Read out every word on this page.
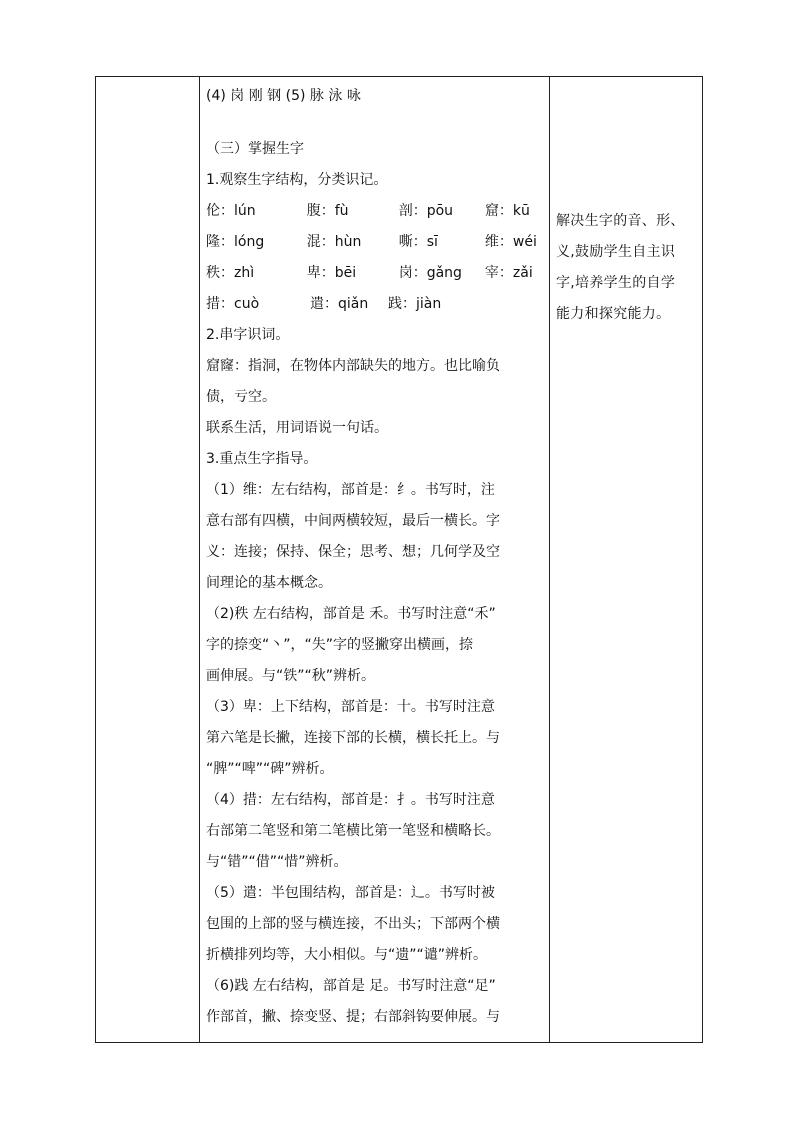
(4) 岗 刚 钢 (5) 脉 泳 咏

（三）掌握生字

1.观察生字结构，分类识记。

伦：lún	腹：fù	剖：pōu	窟：kū
隆：lóng	混：hùn	嘶：sī	维：wéi
秩：zhì	卑：bēi	岗：gǎng	宰：zǎi
措：cuò	遣：qiǎn	践：jiàn

2.串字识词。

窟窿：指洞，在物体内部缺失的地方。也比喻负

债，亏空。

联系生活，用词语说一句话。

3.重点生字指导。

（1）维：左右结构，部首是：纟。书写时，注

意右部有四横，中间两横较短，最后一横长。字

义：连接；保持、保全；思考、想；几何学及空

间理论的基本概念。

（2)秩 左右结构，部首是 禾。书写时注意“禾”

字的捺变“丶”，“失”字的竖撇穿出横画，捺

画伸展。与“铁”“秋”辨析。

（3）卑：上下结构，部首是：十。书写时注意

第六笔是长撇，连接下部的长横，横长托上。与

“脾”“啤”“碑”辨析。

（4）措：左右结构，部首是：扌。书写时注意

右部第二笔竖和第二笔横比第一笔竖和横略长。

与“错”“借”“惜”辨析。

（5）遣：半包围结构，部首是：辶。书写时被

包围的上部的竖与横连接，不出头；下部两个横

折横排列均等，大小相似。与“遗”“谴”辨析。

（6)践 左右结构，部首是 足。书写时注意“足”

作部首，撇、捺变竖、提；右部斜钩要伸展。与

解决生字的音、形、

义,鼓励学生自主识

字,培养学生的自学

能力和探究能力。
